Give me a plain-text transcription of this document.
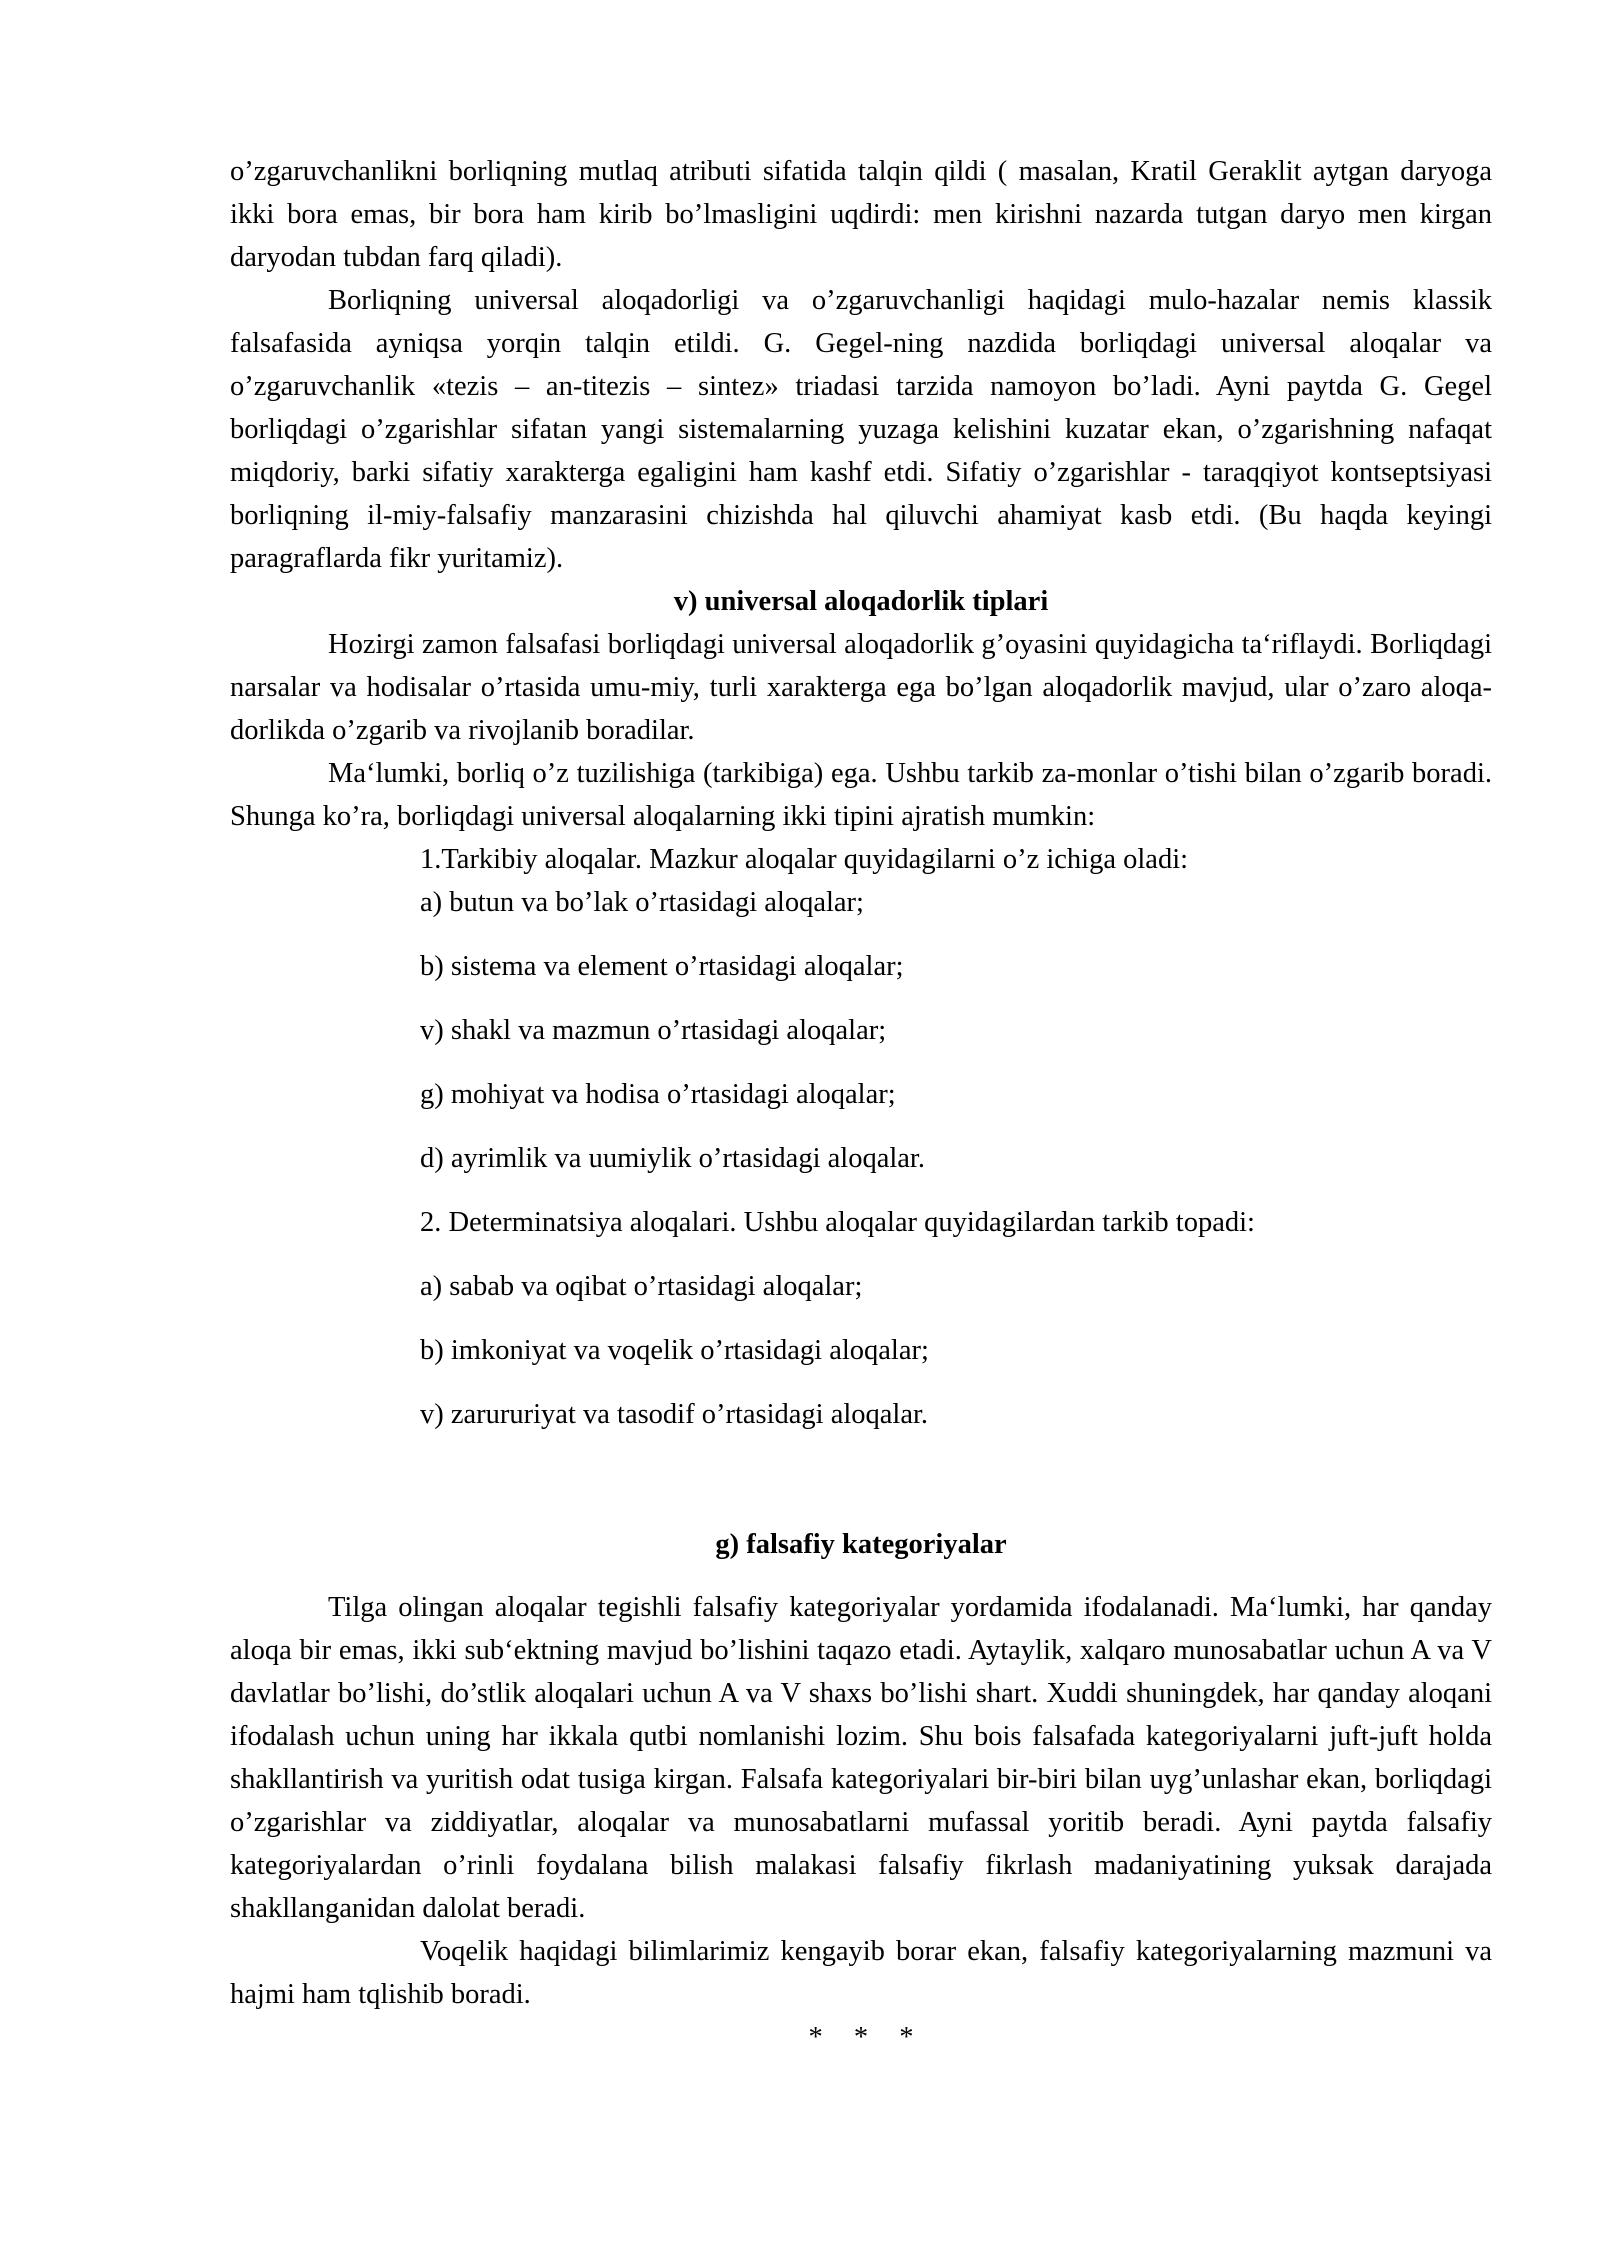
o’zgaruvchanlikni borliqning mutlaq atributi sifatida talqin qildi ( masalan, Kratil Geraklit aytgan daryoga ikki bora emas, bir bora ham kirib bo’lmasligini uqdirdi: men kirishni nazarda tutgan daryo men kirgan daryodan tubdan farq qiladi).

Borliqning universal aloqadorligi va o’zgaruvchanligi haqidagi mulo-hazalar nemis klassik falsafasida ayniqsa yorqin talqin etildi. G. Gegel-ning nazdida borliqdagi universal aloqalar va o’zgaruvchanlik «tezis – an-titezis – sintez» triadasi tarzida namoyon bo’ladi. Ayni paytda G. Gegel borliqdagi o’zgarishlar sifatan yangi sistemalarning yuzaga kelishini kuzatar ekan, o’zgarishning nafaqat miqdoriy, barki sifatiy xarakterga egaligini ham kashf etdi. Sifatiy o’zgarishlar - taraqqiyot kontseptsiyasi borliqning il-miy-falsafiy manzarasini chizishda hal qiluvchi ahamiyat kasb etdi. (Bu haqda keyingi paragraflarda fikr yuritamiz).

v) universal aloqadorlik tiplari

Hozirgi zamon falsafasi borliqdagi universal aloqadorlik g’oyasini quyidagicha ta‘riflaydi. Borliqdagi narsalar va hodisalar o’rtasida umu-miy, turli xarakterga ega bo’lgan aloqadorlik mavjud, ular o’zaro aloqa-dorlikda o’zgarib va rivojlanib boradilar.

Ma‘lumki, borliq o’z tuzilishiga (tarkibiga) ega. Ushbu tarkib za-monlar o’tishi bilan o’zgarib boradi. Shunga ko’ra, borliqdagi universal aloqalarning ikki tipini ajratish mumkin:

1.Tarkibiy aloqalar. Mazkur aloqalar quyidagilarni o’z ichiga oladi:

a) butun va bo’lak o’rtasidagi aloqalar;

b) sistema va element o’rtasidagi aloqalar;

v) shakl va mazmun o’rtasidagi aloqalar;

g) mohiyat va hodisa o’rtasidagi aloqalar;

d) ayrimlik va uumiylik o’rtasidagi aloqalar.

2. Determinatsiya aloqalari. Ushbu aloqalar quyidagilardan tarkib topadi:

a) sabab va oqibat o’rtasidagi aloqalar;

b) imkoniyat va voqelik o’rtasidagi aloqalar;

v) zarururiyat va tasodif o’rtasidagi aloqalar.

g) falsafiy kategoriyalar

Tilga olingan aloqalar tegishli falsafiy kategoriyalar yordamida ifodalanadi. Ma‘lumki, har qanday aloqa bir emas, ikki sub‘ektning mavjud bo’lishini taqazo etadi. Aytaylik, xalqaro munosabatlar uchun A va V davlatlar bo’lishi, do’stlik aloqalari uchun A va V shaxs bo’lishi shart. Xuddi shuningdek, har qanday aloqani ifodalash uchun uning har ikkala qutbi nomlanishi lozim. Shu bois falsafada kategoriyalarni juft-juft holda shakllantirish va yuritish odat tusiga kirgan. Falsafa kategoriyalari bir-biri bilan uyg’unlashar ekan, borliqdagi o’zgarishlar va ziddiyatlar, aloqalar va munosabatlarni mufassal yoritib beradi. Ayni paytda falsafiy kategoriyalardan o’rinli foydalana bilish malakasi falsafiy fikrlash madaniyatining yuksak darajada shakllanganidan dalolat beradi.

Voqelik haqidagi bilimlarimiz kengayib borar ekan, falsafiy kategoriyalarning mazmuni va hajmi ham tqlishib boradi.

* * *
